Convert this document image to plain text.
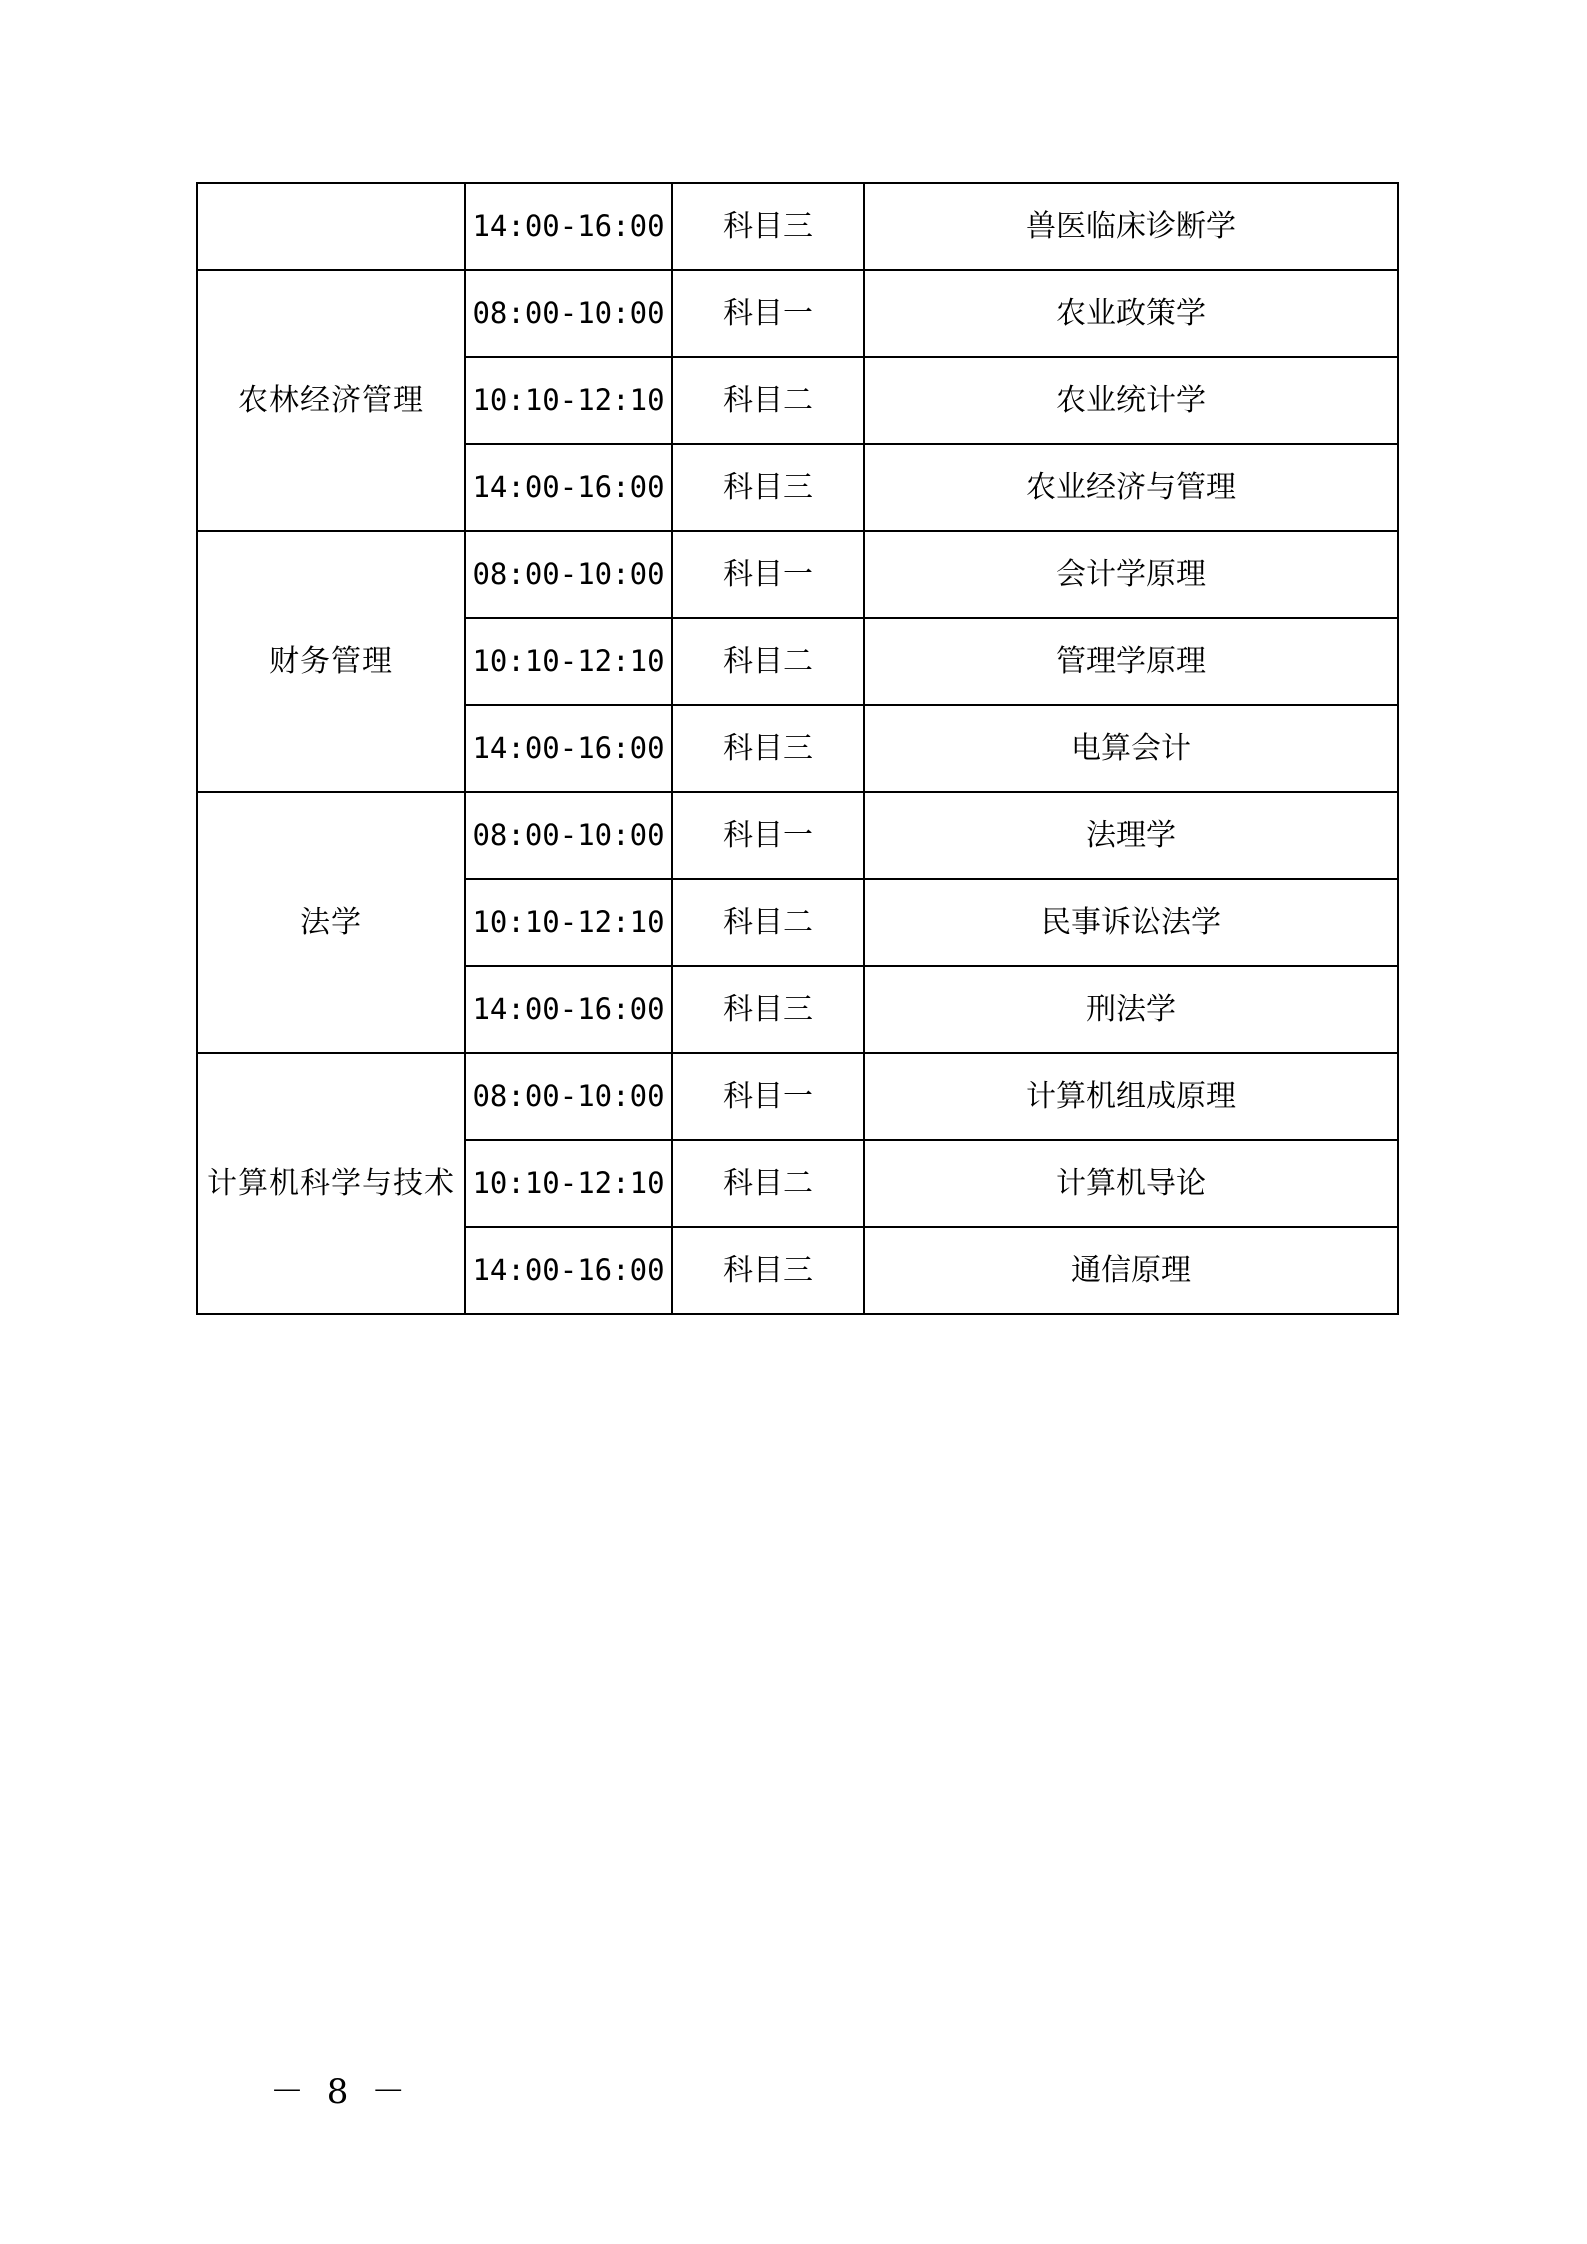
	14:00-16:00	科目三	兽医临床诊断学
农林经济管理	08:00-10:00	科目一	农业政策学
	10:10-12:10	科目二	农业统计学
	14:00-16:00	科目三	农业经济与管理
财务管理	08:00-10:00	科目一	会计学原理
	10:10-12:10	科目二	管理学原理
	14:00-16:00	科目三	电算会计
法学	08:00-10:00	科目一	法理学
	10:10-12:10	科目二	民事诉讼法学
	14:00-16:00	科目三	刑法学
计算机科学与技术	08:00-10:00	科目一	计算机组成原理
	10:10-12:10	科目二	计算机导论
	14:00-16:00	科目三	通信原理
－ 8 －
